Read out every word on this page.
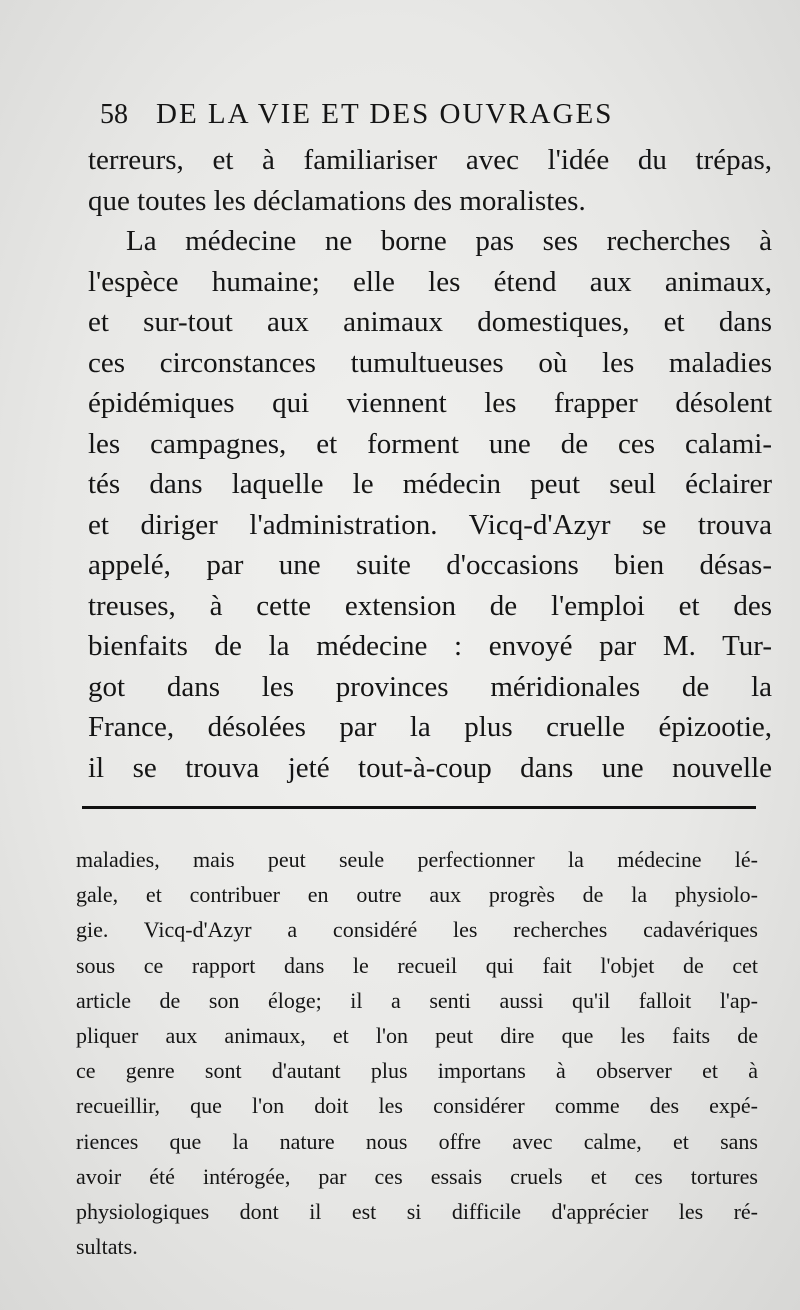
58 DE LA VIE ET DES OUVRAGES
terreurs, et à familiariser avec l'idée du trépas,
que toutes les déclamations des moralistes.
La médecine ne borne pas ses recherches à
l'espèce humaine; elle les étend aux animaux,
et sur-tout aux animaux domestiques, et dans
ces circonstances tumultueuses où les maladies
épidémiques qui viennent les frapper désolent
les campagnes, et forment une de ces calami-
tés dans laquelle le médecin peut seul éclairer
et diriger l'administration. Vicq-d'Azyr se trouva
appelé, par une suite d'occasions bien désas-
treuses, à cette extension de l'emploi et des
bienfaits de la médecine : envoyé par M. Tur-
got dans les provinces méridionales de la
France, désolées par la plus cruelle épizootie,
il se trouva jeté tout-à-coup dans une nouvelle
maladies, mais peut seule perfectionner la médecine lé-
gale, et contribuer en outre aux progrès de la physiolo-
gie. Vicq-d'Azyr a considéré les recherches cadavériques
sous ce rapport dans le recueil qui fait l'objet de cet
article de son éloge; il a senti aussi qu'il falloit l'ap-
pliquer aux animaux, et l'on peut dire que les faits de
ce genre sont d'autant plus importans à observer et à
recueillir, que l'on doit les considérer comme des expé-
riences que la nature nous offre avec calme, et sans
avoir été intérogée, par ces essais cruels et ces tortures
physiologiques dont il est si difficile d'apprécier les ré-
sultats.
